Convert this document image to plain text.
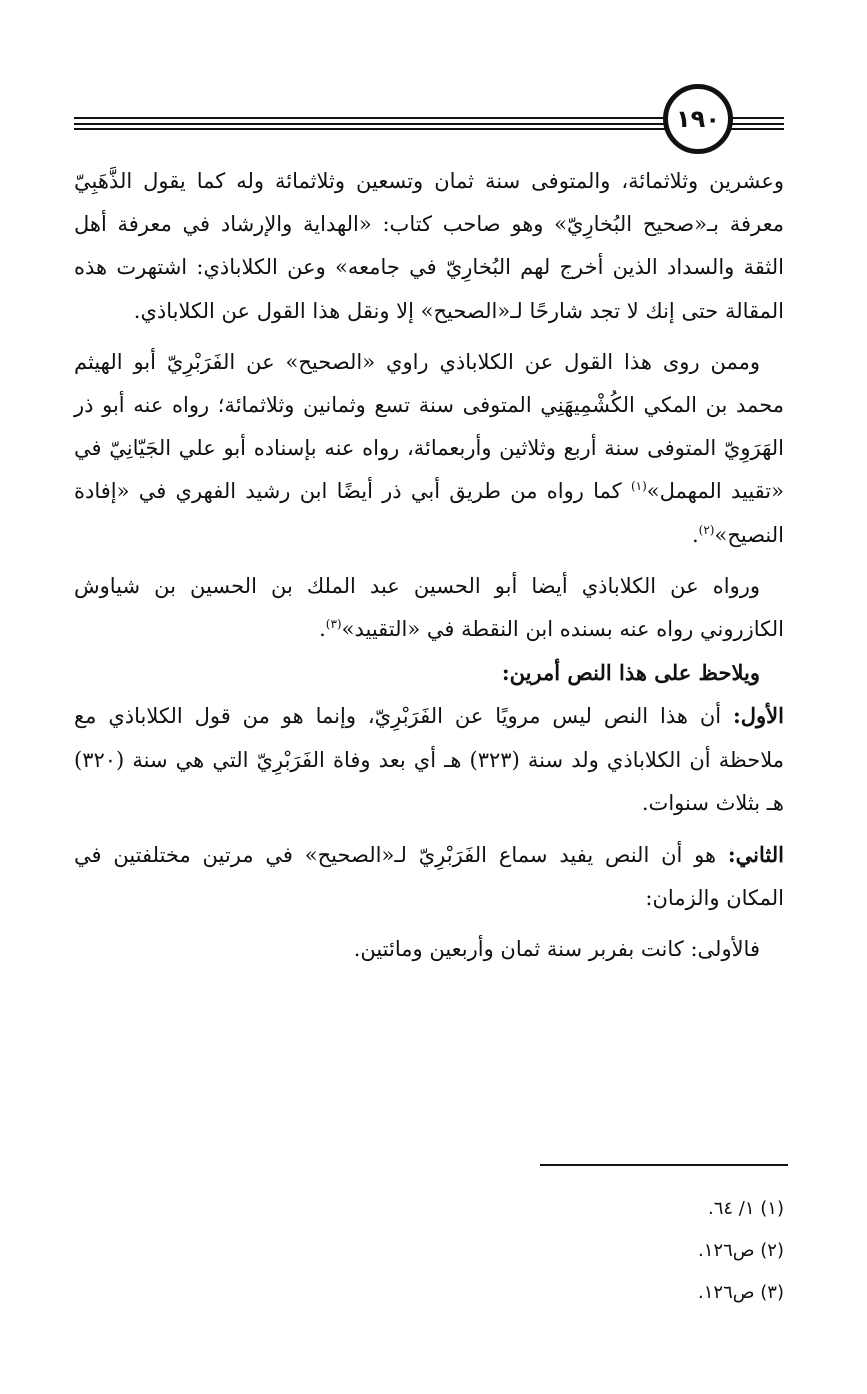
١٩٠

وعشرين وثلاثمائة، والمتوفى سنة ثمان وتسعين وثلاثمائة وله كما يقول الذَّهَبِيّ معرفة بـ«صحيح البُخارِيّ» وهو صاحب كتاب: «الهداية والإرشاد في معرفة أهل الثقة والسداد الذين أخرج لهم البُخارِيّ في جامعه» وعن الكلاباذي: اشتهرت هذه المقالة حتى إنك لا تجد شارحًا لـ«الصحيح» إلا ونقل هذا القول عن الكلاباذي.

وممن روى هذا القول عن الكلاباذي راوي «الصحيح» عن الفَرَبْرِيّ أبو الهيثم محمد بن المكي الكُشْمِيهَنِي المتوفى سنة تسع وثمانين وثلاثمائة؛ رواه عنه أبو ذر الهَرَوِيّ المتوفى سنة أربع وثلاثين وأربعمائة، رواه عنه بإسناده أبو علي الجَيّانِيّ في «تقييد المهمل»$^{(١)}$ كما رواه من طريق أبي ذر أيضًا ابن رشيد الفهري في «إفادة النصيح»$^{(٢)}$.

ورواه عن الكلاباذي أيضا أبو الحسين عبد الملك بن الحسين بن شياوش الكازروني رواه عنه بسنده ابن النقطة في «التقييد»$^{(٣)}$.

ويلاحظ على هذا النص أمرين:

الأول: أن هذا النص ليس مرويًا عن الفَرَبْرِيّ، وإنما هو من قول الكلاباذي مع ملاحظة أن الكلاباذي ولد سنة (٣٢٣) هـ أي بعد وفاة الفَرَبْرِيّ التي هي سنة (٣٢٠) هـ بثلاث سنوات.

الثاني: هو أن النص يفيد سماع الفَرَبْرِيّ لـ«الصحيح» في مرتين مختلفتين في المكان والزمان:

فالأولى: كانت بفربر سنة ثمان وأربعين ومائتين.

(١) ١/ ٦٤.

(٢) ص١٢٦.

(٣) ص١٢٦.
